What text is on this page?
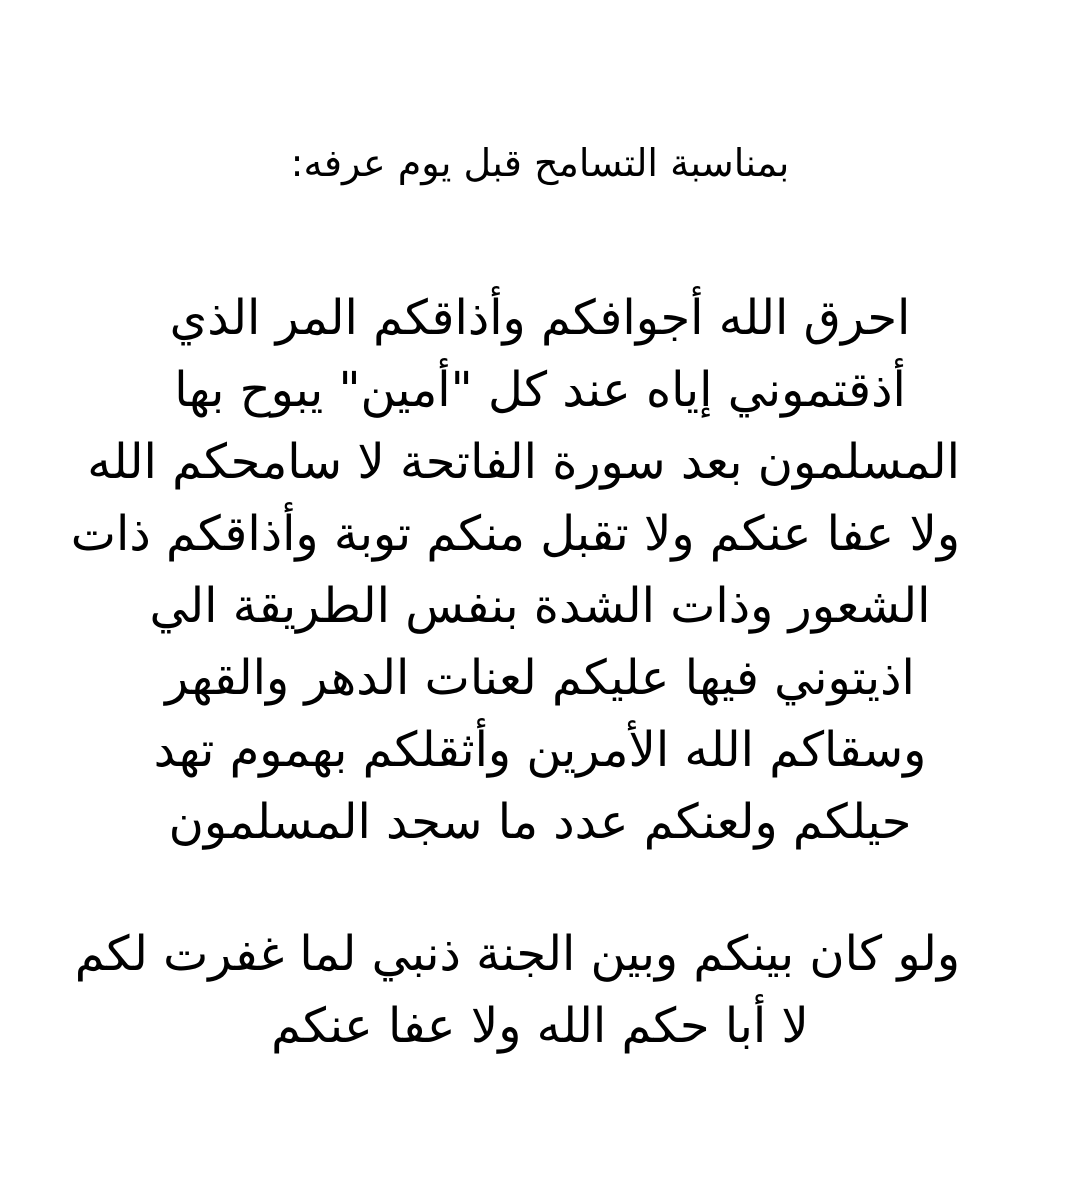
بمناسبة التسامح قبل يوم عرفه:
احرق الله أجوافكم وأذاقكم المر الذي
أذقتموني إياه عند كل "أمين" يبوح بها
المسلمون بعد سورة الفاتحة لا سامحكم الله
ولا عفا عنكم ولا تقبل منكم توبة وأذاقكم ذات
الشعور وذات الشدة بنفس الطريقة الي
اذيتوني فيها عليكم لعنات الدهر والقهر
وسقاكم الله الأمرين وأثقلكم بهموم تهد
حيلكم ولعنكم عدد ما سجد المسلمون
ولو كان بينكم وبين الجنة ذنبي لما غفرت لكم
لا أبا حكم الله ولا عفا عنكم
